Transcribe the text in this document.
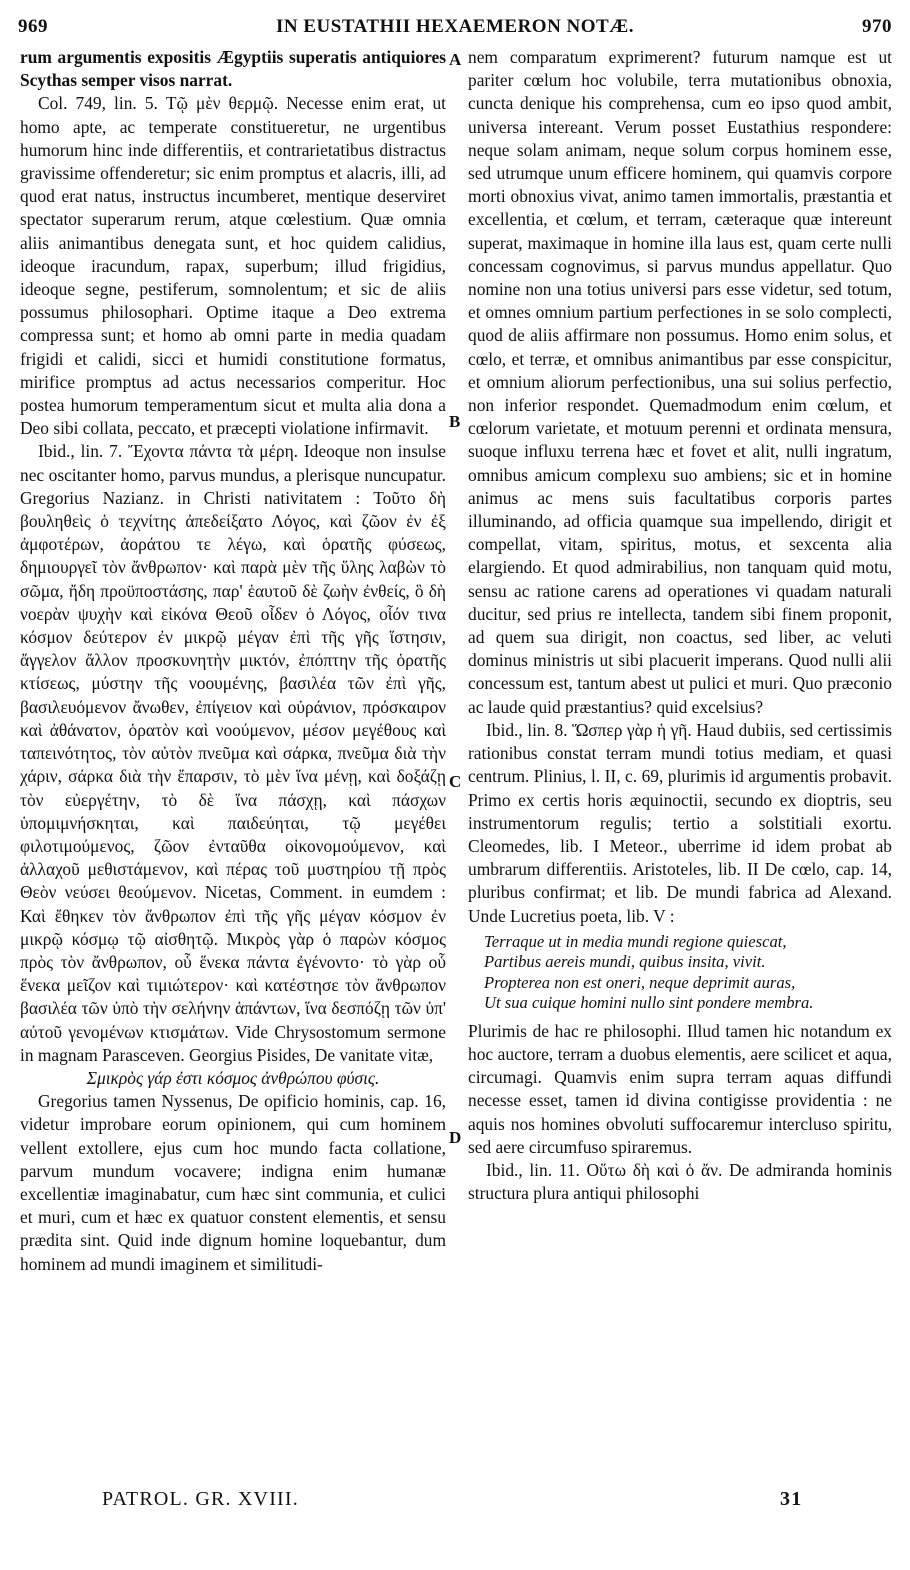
969	IN EUSTATHII HEXAEMERON NOTÆ.	970

rum argumentis expositis Ægyptiis superatis antiquiores Scythas semper visos narrat.

Col. 749, lin. 5. Τῷ μὲν θερμῷ. Necesse enim erat, ut homo apte, ac temperate constitueretur, ne urgentibus humorum hinc inde differentiis, et contrarietatibus distractus gravissime offenderetur; sic enim promptus et alacris, illi, ad quod erat natus, instructus incumberet, mentique deserviret spectator superarum rerum, atque cœlestium. Quæ omnia aliis animantibus denegata sunt, et hoc quidem calidius, ideoque iracundum, rapax, superbum; illud frigidius, ideoque segne, pestiferum, somnolentum; et sic de aliis possumus philosophari. Optime itaque a Deo extrema compressa sunt; et homo ab omni parte in media quadam frigidi et calidi, sicci et humidi constitutione formatus, mirifice promptus ad actus necessarios comperitur. Hoc postea humorum temperamentum sicut et multa alia dona a Deo sibi collata, peccato, et præcepti violatione infirmavit.

Ibid., lin. 7. Ἔχοντα πάντα τὰ μέρη. Ideoque non insulse nec oscitanter homo, parvus mundus, a plerisque nuncupatur. Gregorius Nazianz. in Christi nativitatem : Τοῦτο δὴ βουληθεὶς ὁ τεχνίτης ἀπεδείξατο Λόγος, καὶ ζῶον ἐν ἐξ ἀμφοτέρων, ἀοράτου τε λέγω, καὶ ὁρατῆς φύσεως, δημιουργεῖ τὸν ἄνθρωπον· καὶ παρὰ μὲν τῆς ὕλης λαβὼν τὸ σῶμα, ἤδη προϋποστάσης, παρ' ἑαυτοῦ δὲ ζωὴν ἐνθείς, ὃ δὴ νοερὰν ψυχὴν καὶ εἰκόνα Θεοῦ οἶδεν ὁ Λόγος, οἷόν τινα κόσμον δεύτερον ἐν μικρῷ μέγαν ἐπὶ τῆς γῆς ἵστησιν, ἄγγελον ἄλλον προσκυνητὴν μικτόν, ἐπόπτην τῆς ὁρατῆς κτίσεως, μύστην τῆς νοουμένης, βασιλέα τῶν ἐπὶ γῆς, βασιλευόμενον ἄνωθεν, ἐπίγειον καὶ οὐράνιον, πρόσκαιρον καὶ ἀθάνατον, ὁρατὸν καὶ νοούμενον, μέσον μεγέθους καὶ ταπεινότητος, τὸν αὐτὸν πνεῦμα καὶ σάρκα, πνεῦμα διὰ τὴν χάριν, σάρκα διὰ τὴν ἔπαρσιν, τὸ μὲν ἵνα μένῃ, καὶ δοξάζῃ τὸν εὐεργέτην, τὸ δὲ ἵνα πάσχῃ, καὶ πάσχων ὑπομιμνήσκηται, καὶ παιδεύηται, τῷ μεγέθει φιλοτιμούμενος, ζῶον ἐνταῦθα οἰκονομούμενον, καὶ ἀλλαχοῦ μεθιστάμενον, καὶ πέρας τοῦ μυστηρίου τῇ πρὸς Θεὸν νεύσει θεούμενον. Nicetas, Comment. in eumdem : Καὶ ἔθηκεν τὸν ἄνθρωπον ἐπὶ τῆς γῆς μέγαν κόσμον ἐν μικρῷ κόσμῳ τῷ αἰσθητῷ. Μικρὸς γὰρ ὁ παρὼν κόσμος πρὸς τὸν ἄνθρωπον, οὗ ἕνεκα πάντα ἐγένοντο· τὸ γὰρ οὗ ἕνεκα μεῖζον καὶ τιμιώτερον· καὶ κατέστησε τὸν ἄνθρωπον βασιλέα τῶν ὑπὸ τὴν σελήνην ἁπάντων, ἵνα δεσπόζῃ τῶν ὑπ' αὐτοῦ γενομένων κτισμάτων. Vide Chrysostomum sermone in magnam Parasceven. Georgius Pisides, De vanitate vitæ,

Σμικρὸς γάρ ἐστι κόσμος ἀνθρώπου φύσις.

Gregorius tamen Nyssenus, De opificio hominis, cap. 16, videtur improbare eorum opinionem, qui cum hominem vellent extollere, ejus cum hoc mundo facta collatione, parvum mundum vocavere; indigna enim humanæ excellentiæ imaginabatur, cum hæc sint communia, et culici et muri, cum et hæc ex quatuor constent elementis, et sensu prædita sint. Quid inde dignum homine loquebantur, dum hominem ad mundi imaginem et similitudi-

nem comparatum exprimerent? futurum namque est ut pariter cœlum hoc volubile, terra mutationibus obnoxia, cuncta denique his comprehensa, cum eo ipso quod ambit, universa intereant. Verum posset Eustathius respondere: neque solam animam, neque solum corpus hominem esse, sed utrumque unum efficere hominem, qui quamvis corpore morti obnoxius vivat, animo tamen immortalis, præstantia et excellentia, et cœlum, et terram, cæteraque quæ intereunt superat, maximaque in homine illa laus est, quam certe nulli concessam cognovimus, si parvus mundus appellatur. Quo nomine non una totius universi pars esse videtur, sed totum, et omnes omnium partium perfectiones in se solo complecti, quod de aliis affirmare non possumus. Homo enim solus, et cœlo, et terræ, et omnibus animantibus par esse conspicitur, et omnium aliorum perfectionibus, una sui solius perfectio, non inferior respondet. Quemadmodum enim cœlum, et cœlorum varietate, et motuum perenni et ordinata mensura, suoque influxu terrena hæc et fovet et alit, nulli ingratum, omnibus amicum complexu suo ambiens; sic et in homine animus ac mens suis facultatibus corporis partes illuminando, ad officia quamque sua impellendo, dirigit et compellat, vitam, spiritus, motus, et sexcenta alia elargiendo. Et quod admirabilius, non tanquam quid motu, sensu ac ratione carens ad operationes vi quadam naturali ducitur, sed prius re intellecta, tandem sibi finem proponit, ad quem sua dirigit, non coactus, sed liber, ac veluti dominus ministris ut sibi placuerit imperans. Quod nulli alii concessum est, tantum abest ut pulici et muri. Quo præconio ac laude quid præstantius? quid excelsius?

Ibid., lin. 8. Ὥσπερ γὰρ ἡ γῆ. Haud dubiis, sed certissimis rationibus constat terram mundi totius mediam, et quasi centrum. Plinius, l. II, c. 69, plurimis id argumentis probavit. Primo ex certis horis æquinoctii, secundo ex dioptris, seu instrumentorum regulis; tertio a solstitiali exortu. Cleomedes, lib. I Meteor., uberrime id idem probat ab umbrarum differentiis. Aristoteles, lib. II De cœlo, cap. 14, pluribus confirmat; et lib. De mundi fabrica ad Alexand. Unde Lucretius poeta, lib. V :

Terraque ut in media mundi regione quiescat,
Partibus aereis mundi, quibus insita, vivit.
Propterea non est oneri, neque deprimit auras,
Ut sua cuique homini nullo sint pondere membra.

Plurimis de hac re philosophi. Illud tamen hic notandum ex hoc auctore, terram a duobus elementis, aere scilicet et aqua, circumagi. Quamvis enim supra terram aquas diffundi necesse esset, tamen id divina contigisse providentia : ne aquis nos homines obvoluti suffocaremur intercluso spiritu, sed aere circumfuso spiraremus.

Ibid., lin. 11. Οὕτω δὴ καὶ ὁ ἄν. De admiranda hominis structura plura antiqui philosophi

A
B
C
D
PATROL. GR. XVIII.	31
